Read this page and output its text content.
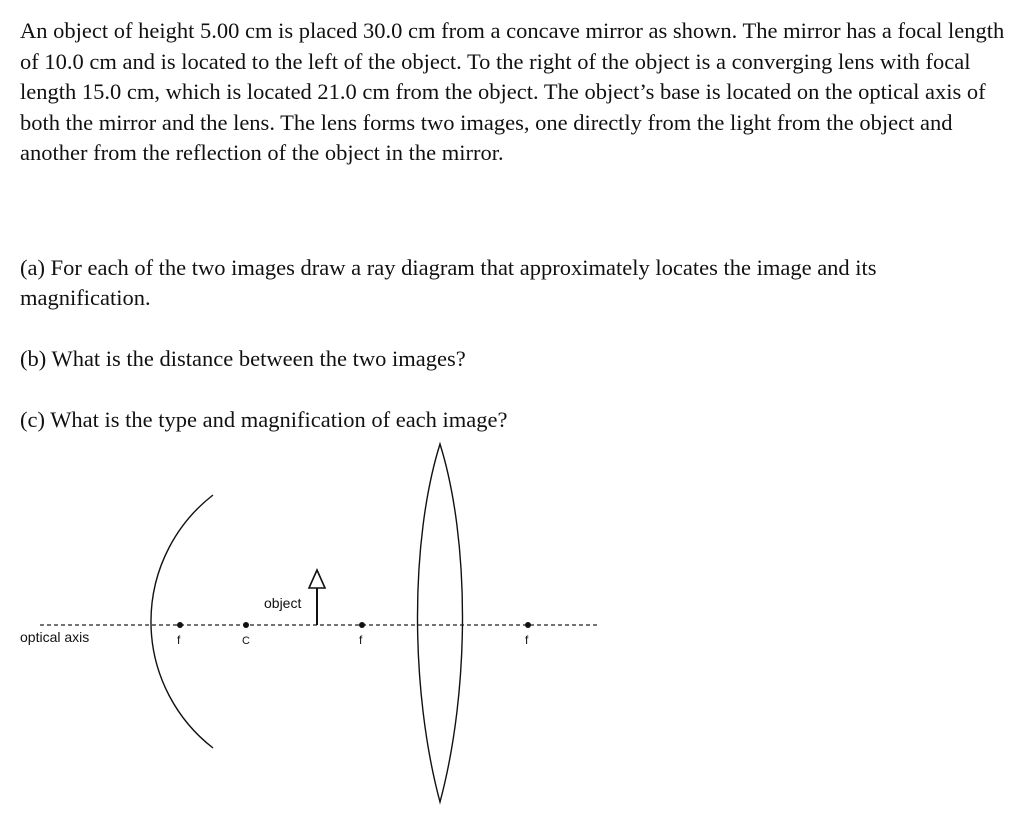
An object of height 5.00 cm is placed 30.0 cm from a concave mirror as shown. The mirror has a focal length of 10.0 cm and is located to the left of the object. To the right of the object is a converging lens with focal length 15.0 cm, which is located 21.0 cm from the object. The object’s base is located on the optical axis of both the mirror and the lens. The lens forms two images, one directly from the light from the object and another from the reflection of the object in the mirror.

(a) For each of the two images draw a ray diagram that approximately locates the image and its magnification.

(b) What is the distance between the two images?

(c) What is the type and magnification of each image?

optical axis
object
f	C	f	f
